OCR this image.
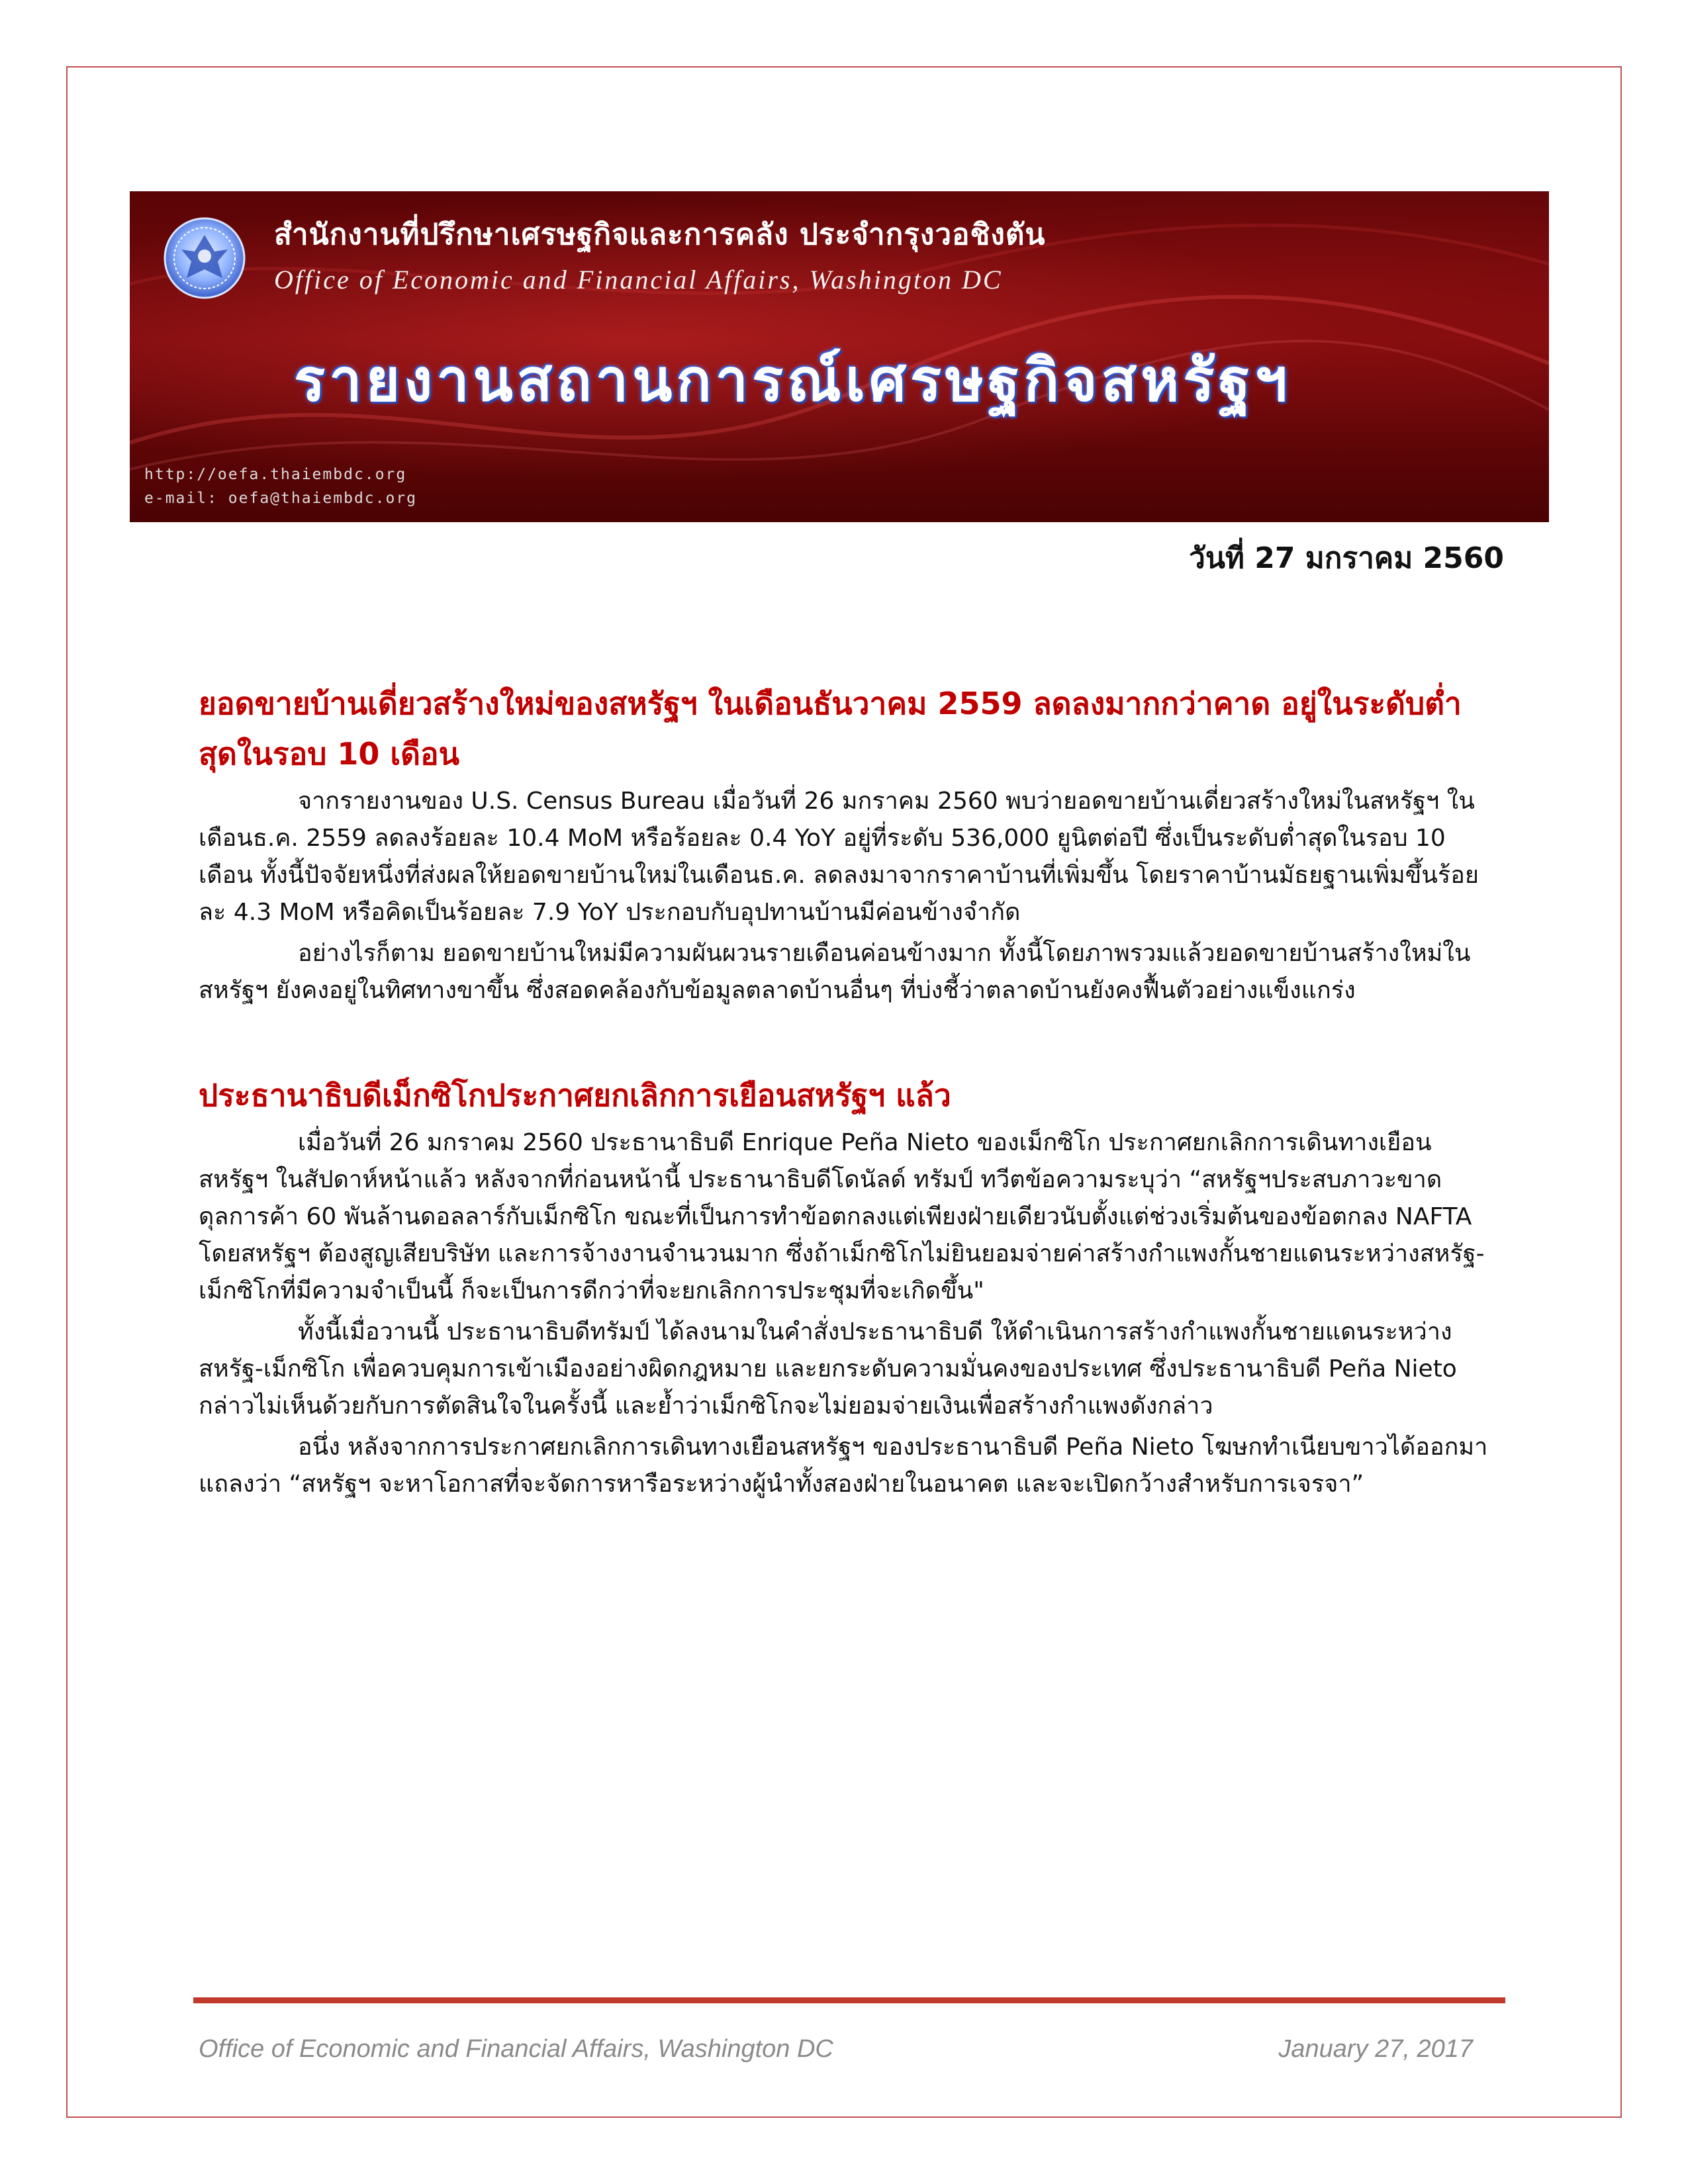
สำนักงานที่ปรึกษาเศรษฐกิจและการคลัง ประจำกรุงวอชิงตัน
Office of Economic and Financial Affairs, Washington DC
รายงานสถานการณ์เศรษฐกิจสหรัฐฯ
http://oefa.thaiembdc.org
e-mail: oefa@thaiembdc.org
วันที่ 27 มกราคม 2560
ยอดขายบ้านเดี่ยวสร้างใหม่ของสหรัฐฯ ในเดือนธันวาคม 2559 ลดลงมากกว่าคาด อยู่ในระดับต่ำสุดในรอบ 10 เดือน

จากรายงานของ U.S. Census Bureau เมื่อวันที่ 26 มกราคม 2560 พบว่ายอดขายบ้านเดี่ยวสร้างใหม่ในสหรัฐฯ ในเดือนธ.ค. 2559 ลดลงร้อยละ 10.4 MoM หรือร้อยละ 0.4 YoY อยู่ที่ระดับ 536,000 ยูนิตต่อปี ซึ่งเป็นระดับต่ำสุดในรอบ 10 เดือน ทั้งนี้ปัจจัยหนึ่งที่ส่งผลให้ยอดขายบ้านใหม่ในเดือนธ.ค. ลดลงมาจากราคาบ้านที่เพิ่มขึ้น โดยราคาบ้านมัธยฐานเพิ่มขึ้นร้อยละ 4.3 MoM หรือคิดเป็นร้อยละ 7.9 YoY ประกอบกับอุปทานบ้านมีค่อนข้างจำกัด

อย่างไรก็ตาม ยอดขายบ้านใหม่มีความผันผวนรายเดือนค่อนข้างมาก ทั้งนี้โดยภาพรวมแล้วยอดขายบ้านสร้างใหม่ในสหรัฐฯ ยังคงอยู่ในทิศทางขาขึ้น ซึ่งสอดคล้องกับข้อมูลตลาดบ้านอื่นๆ ที่บ่งชี้ว่าตลาดบ้านยังคงฟื้นตัวอย่างแข็งแกร่ง

ประธานาธิบดีเม็กซิโกประกาศยกเลิกการเยือนสหรัฐฯ แล้ว

เมื่อวันที่ 26 มกราคม 2560 ประธานาธิบดี Enrique Peña Nieto ของเม็กซิโก ประกาศยกเลิกการเดินทางเยือนสหรัฐฯ ในสัปดาห์หน้าแล้ว หลังจากที่ก่อนหน้านี้ ประธานาธิบดีโดนัลด์ ทรัมป์ ทวีตข้อความระบุว่า “สหรัฐฯประสบภาวะขาดดุลการค้า 60 พันล้านดอลลาร์กับเม็กซิโก ขณะที่เป็นการทำข้อตกลงแต่เพียงฝ่ายเดียวนับตั้งแต่ช่วงเริ่มต้นของข้อตกลง NAFTA โดยสหรัฐฯ ต้องสูญเสียบริษัท และการจ้างงานจำนวนมาก ซึ่งถ้าเม็กซิโกไม่ยินยอมจ่ายค่าสร้างกำแพงกั้นชายแดนระหว่างสหรัฐ-เม็กซิโกที่มีความจำเป็นนี้ ก็จะเป็นการดีกว่าที่จะยกเลิกการประชุมที่จะเกิดขึ้น"

ทั้งนี้เมื่อวานนี้ ประธานาธิบดีทรัมป์ ได้ลงนามในคำสั่งประธานาธิบดี ให้ดำเนินการสร้างกำแพงกั้นชายแดนระหว่างสหรัฐ-เม็กซิโก เพื่อควบคุมการเข้าเมืองอย่างผิดกฎหมาย และยกระดับความมั่นคงของประเทศ ซึ่งประธานาธิบดี Peña Nieto กล่าวไม่เห็นด้วยกับการตัดสินใจในครั้งนี้ และย้ำว่าเม็กซิโกจะไม่ยอมจ่ายเงินเพื่อสร้างกำแพงดังกล่าว

อนึ่ง หลังจากการประกาศยกเลิกการเดินทางเยือนสหรัฐฯ ของประธานาธิบดี Peña Nieto โฆษกทำเนียบขาวได้ออกมาแถลงว่า “สหรัฐฯ จะหาโอกาสที่จะจัดการหารือระหว่างผู้นำทั้งสองฝ่ายในอนาคต และจะเปิดกว้างสำหรับการเจรจา”

Office of Economic and Financial Affairs, Washington DC	January 27, 2017
